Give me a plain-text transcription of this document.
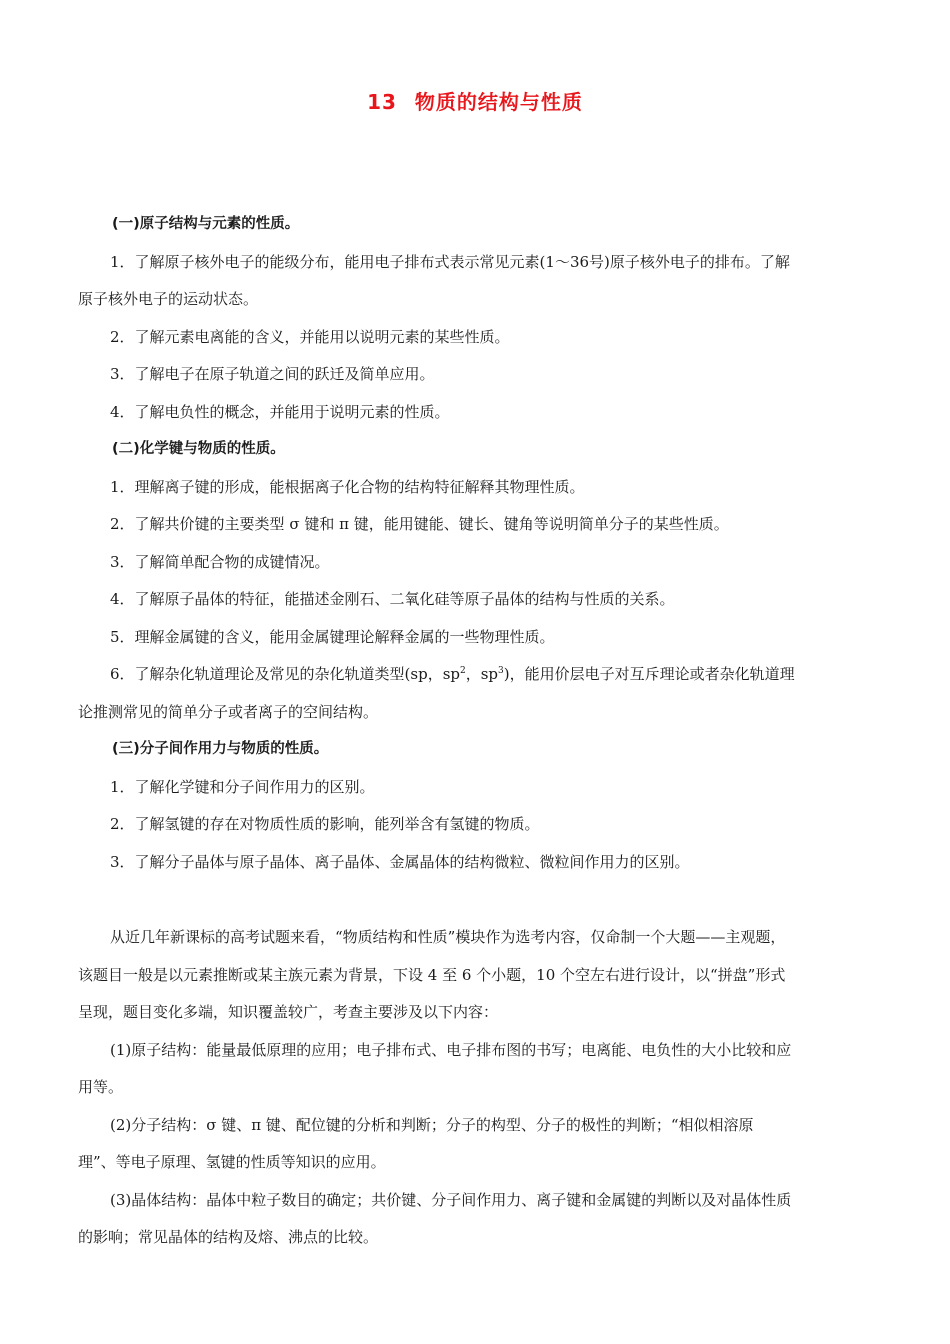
13 物质的结构与性质
(一)原子结构与元素的性质。
1．了解原子核外电子的能级分布，能用电子排布式表示常见元素(1～36号)原子核外电子的排布。了解
原子核外电子的运动状态。
2．了解元素电离能的含义，并能用以说明元素的某些性质。
3．了解电子在原子轨道之间的跃迁及简单应用。
4．了解电负性的概念，并能用于说明元素的性质。
(二)化学键与物质的性质。
1．理解离子键的形成，能根据离子化合物的结构特征解释其物理性质。
2．了解共价键的主要类型 σ 键和 π 键，能用键能、键长、键角等说明简单分子的某些性质。
3．了解简单配合物的成键情况。
4．了解原子晶体的特征，能描述金刚石、二氧化硅等原子晶体的结构与性质的关系。
5．理解金属键的含义，能用金属键理论解释金属的一些物理性质。
6．了解杂化轨道理论及常见的杂化轨道类型(sp，$sp^2$，$sp^3$)，能用价层电子对互斥理论或者杂化轨道理
论推测常见的简单分子或者离子的空间结构。
(三)分子间作用力与物质的性质。
1．了解化学键和分子间作用力的区别。
2．了解氢键的存在对物质性质的影响，能列举含有氢键的物质。
3．了解分子晶体与原子晶体、离子晶体、金属晶体的结构微粒、微粒间作用力的区别。
从近几年新课标的高考试题来看，“物质结构和性质”模块作为选考内容，仅命制一个大题——主观题，
该题目一般是以元素推断或某主族元素为背景，下设 4 至 6 个小题，10 个空左右进行设计，以“拼盘”形式
呈现，题目变化多端，知识覆盖较广，考查主要涉及以下内容：
(1)原子结构：能量最低原理的应用；电子排布式、电子排布图的书写；电离能、电负性的大小比较和应
用等。
(2)分子结构：σ 键、π 键、配位键的分析和判断；分子的构型、分子的极性的判断；“相似相溶原
理”、等电子原理、氢键的性质等知识的应用。
(3)晶体结构：晶体中粒子数目的确定；共价键、分子间作用力、离子键和金属键的判断以及对晶体性质
的影响；常见晶体的结构及熔、沸点的比较。
